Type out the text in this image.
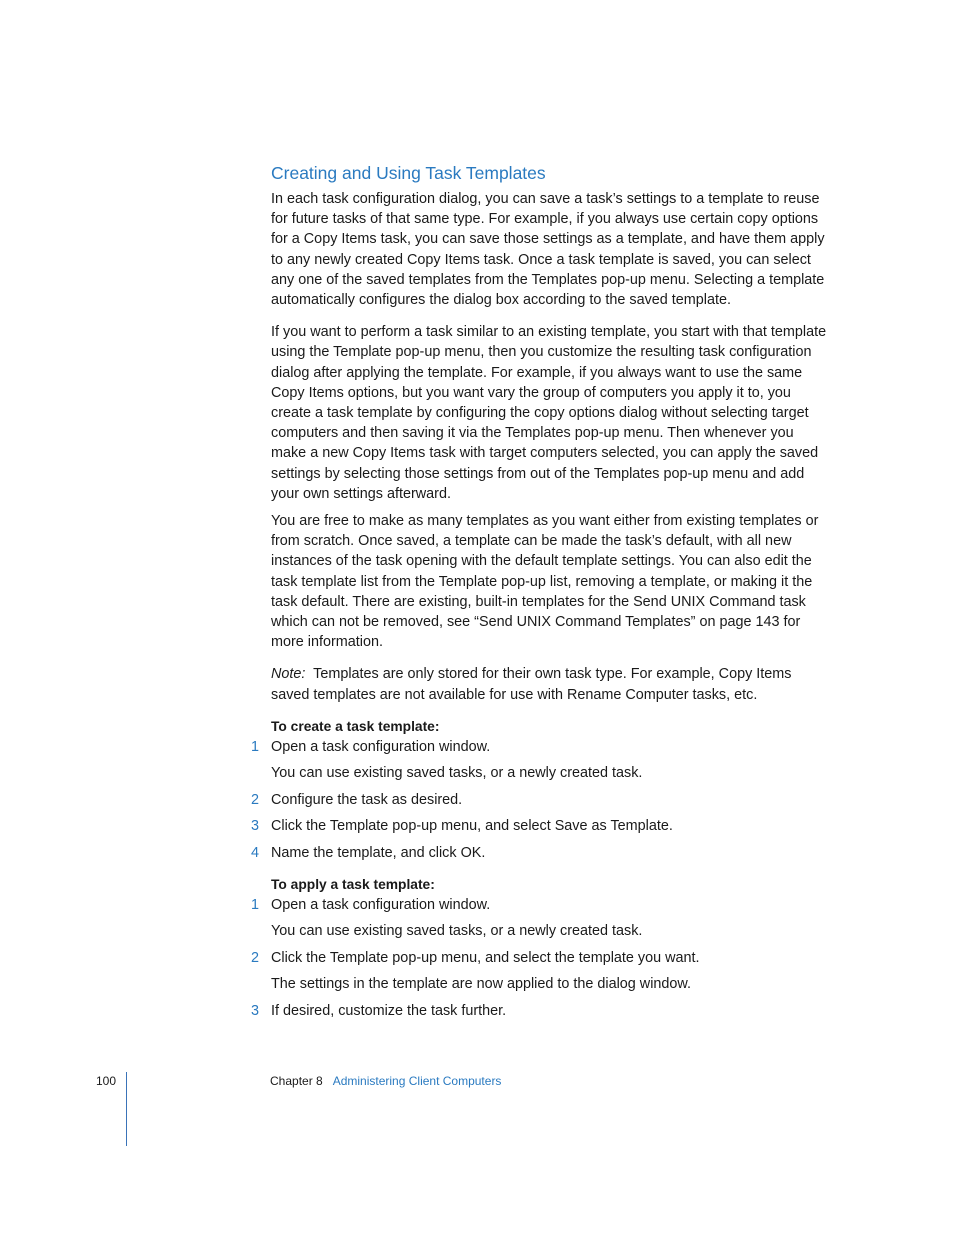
Creating and Using Task Templates

In each task configuration dialog, you can save a task’s settings to a template to reuse for future tasks of that same type. For example, if you always use certain copy options for a Copy Items task, you can save those settings as a template, and have them apply to any newly created Copy Items task. Once a task template is saved, you can select any one of the saved templates from the Templates pop-up menu. Selecting a template automatically configures the dialog box according to the saved template.

If you want to perform a task similar to an existing template, you start with that template using the Template pop-up menu, then you customize the resulting task configuration dialog after applying the template. For example, if you always want to use the same Copy Items options, but you want vary the group of computers you apply it to, you create a task template by configuring the copy options dialog without selecting target computers and then saving it via the Templates pop-up menu. Then whenever you make a new Copy Items task with target computers selected, you can apply the saved settings by selecting those settings from out of the Templates pop-up menu and add your own settings afterward.

You are free to make as many templates as you want either from existing templates or from scratch. Once saved, a template can be made the task’s default, with all new instances of the task opening with the default template settings. You can also edit the task template list from the Template pop-up list, removing a template, or making it the task default. There are existing, built-in templates for the Send UNIX Command task which can not be removed, see “Send UNIX Command Templates” on page 143 for more information.

Note: Templates are only stored for their own task type. For example, Copy Items saved templates are not available for use with Rename Computer tasks, etc.

To create a task template:

1 Open a task configuration window.
You can use existing saved tasks, or a newly created task.
2 Configure the task as desired.
3 Click the Template pop-up menu, and select Save as Template.
4 Name the template, and click OK.

To apply a task template:

1 Open a task configuration window.
You can use existing saved tasks, or a newly created task.
2 Click the Template pop-up menu, and select the template you want.
The settings in the template are now applied to the dialog window.
3 If desired, customize the task further.
100	Chapter 8 Administering Client Computers
